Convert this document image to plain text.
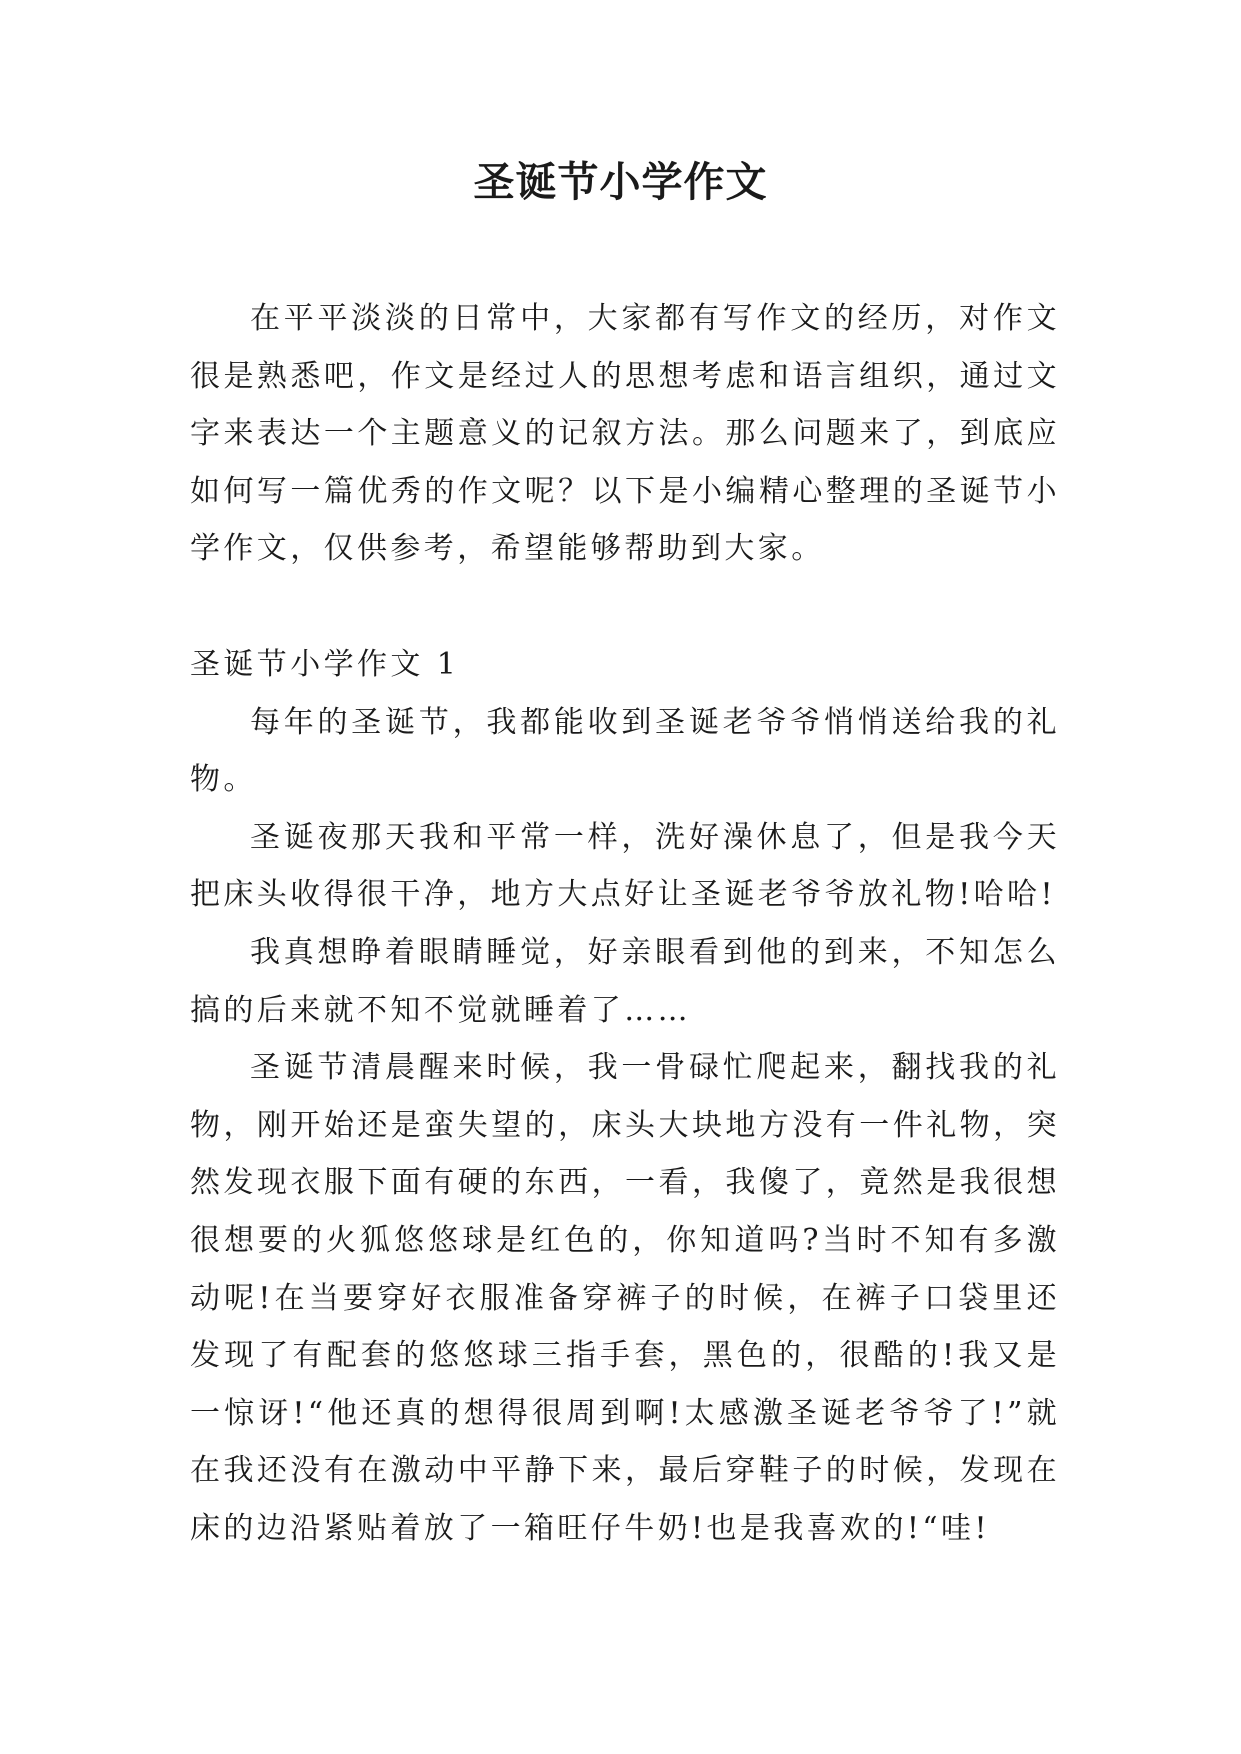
圣诞节小学作文

在平平淡淡的日常中，大家都有写作文的经历，对作文很是熟悉吧，作文是经过人的思想考虑和语言组织，通过文字来表达一个主题意义的记叙方法。那么问题来了，到底应如何写一篇优秀的作文呢？以下是小编精心整理的圣诞节小学作文，仅供参考，希望能够帮助到大家。

圣诞节小学作文 1

每年的圣诞节，我都能收到圣诞老爷爷悄悄送给我的礼物。

圣诞夜那天我和平常一样，洗好澡休息了，但是我今天把床头收得很干净，地方大点好让圣诞老爷爷放礼物!哈哈!

我真想睁着眼睛睡觉，好亲眼看到他的到来，不知怎么搞的后来就不知不觉就睡着了……

圣诞节清晨醒来时候，我一骨碌忙爬起来，翻找我的礼物，刚开始还是蛮失望的，床头大块地方没有一件礼物，突然发现衣服下面有硬的东西，一看，我傻了，竟然是我很想很想要的火狐悠悠球是红色的，你知道吗?当时不知有多激动呢!在当要穿好衣服准备穿裤子的时候，在裤子口袋里还发现了有配套的悠悠球三指手套，黑色的，很酷的!我又是一惊讶!“他还真的想得很周到啊!太感激圣诞老爷爷了!”就在我还没有在激动中平静下来，最后穿鞋子的时候，发现在床的边沿紧贴着放了一箱旺仔牛奶!也是我喜欢的!“哇!
